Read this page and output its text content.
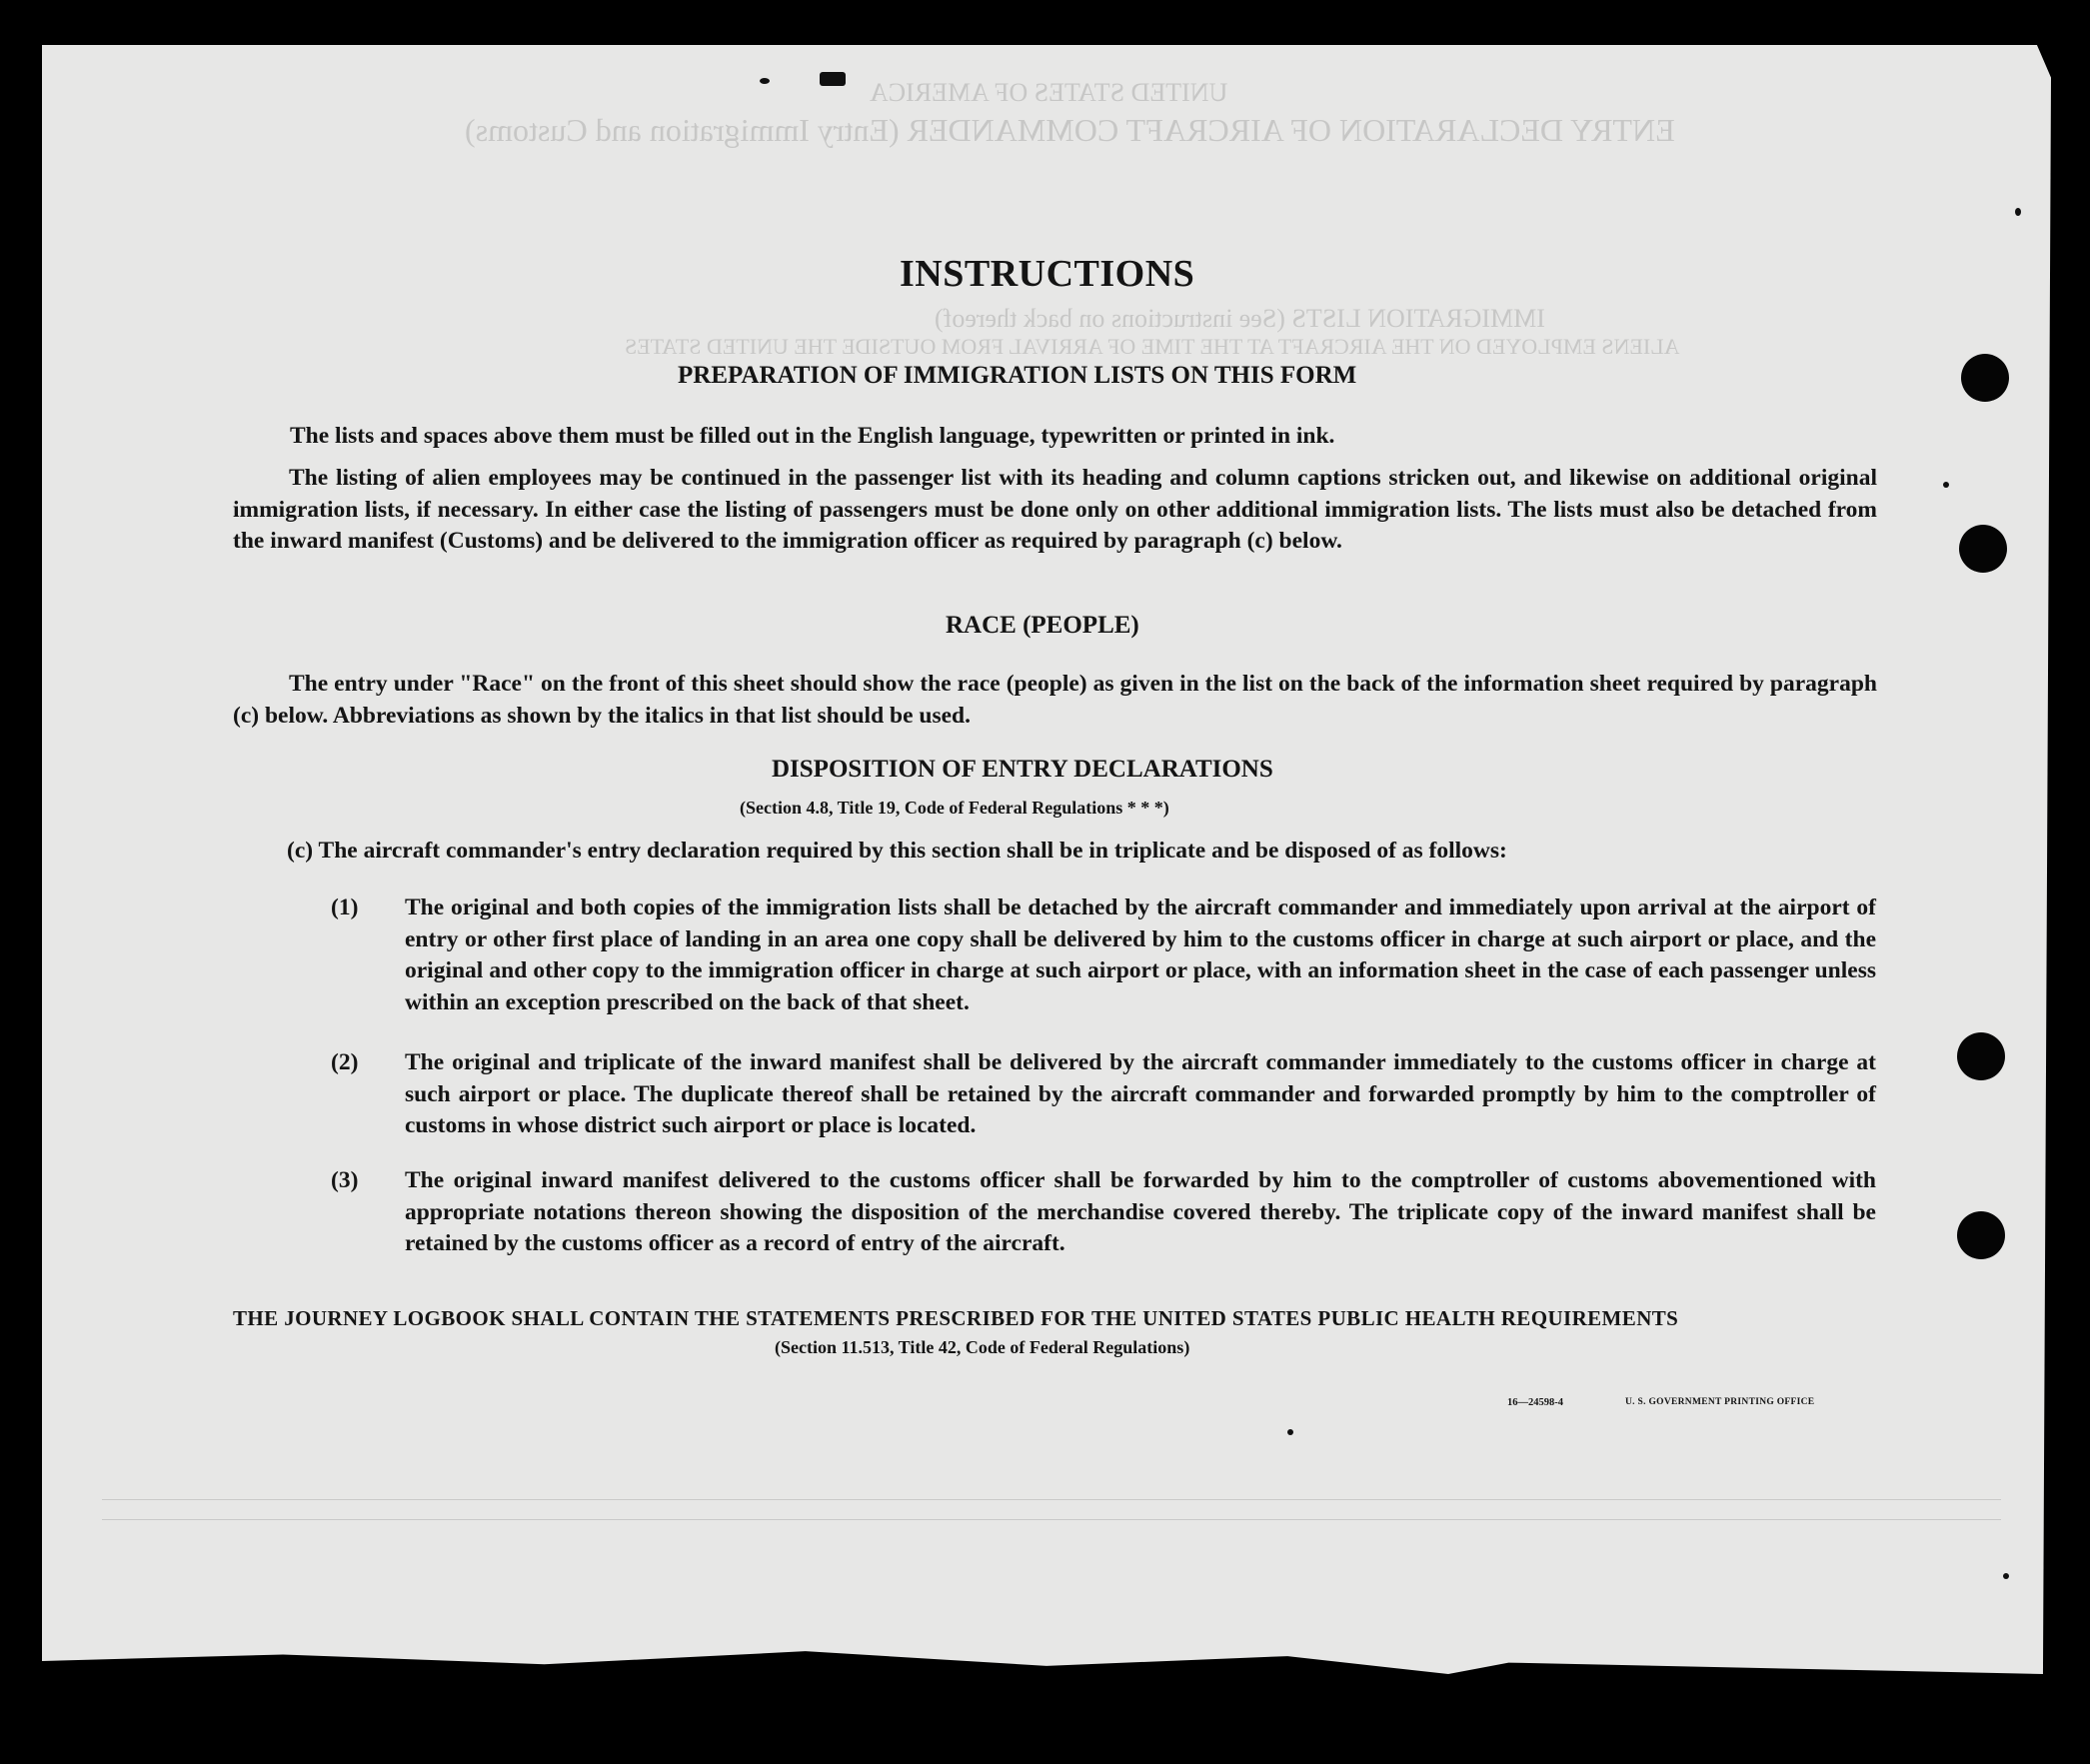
UNITED STATES OF AMERICA
ENTRY DECLARATION OF AIRCRAFT COMMANDER (Entry Immigration and Customs)
IMMIGRATION LISTS (See instructions on back thereof)
ALIENS EMPLOYED ON THE AIRCRAFT AT THE TIME OF ARRIVAL FROM OUTSIDE THE UNITED STATES
INSTRUCTIONS
PREPARATION OF IMMIGRATION LISTS ON THIS FORM
The lists and spaces above them must be filled out in the English language, typewritten or printed in ink.
The listing of alien employees may be continued in the passenger list with its heading and column captions stricken out, and likewise on additional original immigration lists, if necessary. In either case the listing of passengers must be done only on other additional immigration lists. The lists must also be detached from the inward manifest (Customs) and be delivered to the immigration officer as required by paragraph (c) below.
RACE (PEOPLE)
The entry under "Race" on the front of this sheet should show the race (people) as given in the list on the back of the information sheet required by paragraph (c) below. Abbreviations as shown by the italics in that list should be used.
DISPOSITION OF ENTRY DECLARATIONS
(Section 4.8, Title 19, Code of Federal Regulations * * *)
(c) The aircraft commander's entry declaration required by this section shall be in triplicate and be disposed of as follows:
(1) The original and both copies of the immigration lists shall be detached by the aircraft commander and immediately upon arrival at the airport of entry or other first place of landing in an area one copy shall be delivered by him to the customs officer in charge at such airport or place, and the original and other copy to the immigration officer in charge at such airport or place, with an information sheet in the case of each passenger unless within an exception prescribed on the back of that sheet.
(2) The original and triplicate of the inward manifest shall be delivered by the aircraft commander immediately to the customs officer in charge at such airport or place. The duplicate thereof shall be retained by the aircraft commander and forwarded promptly by him to the comptroller of customs in whose district such airport or place is located.
(3) The original inward manifest delivered to the customs officer shall be forwarded by him to the comptroller of customs abovementioned with appropriate notations thereon showing the disposition of the merchandise covered thereby. The triplicate copy of the inward manifest shall be retained by the customs officer as a record of entry of the aircraft.
THE JOURNEY LOGBOOK SHALL CONTAIN THE STATEMENTS PRESCRIBED FOR THE UNITED STATES PUBLIC HEALTH REQUIREMENTS
(Section 11.513, Title 42, Code of Federal Regulations)
16—24598-4	U. S. GOVERNMENT PRINTING OFFICE
